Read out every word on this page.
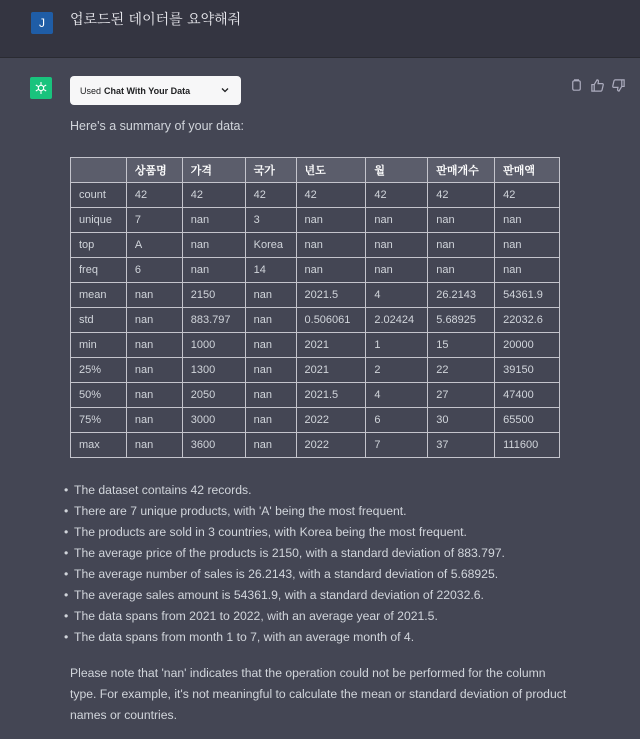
J	업로드된 데이터를 요약해줘
Used Chat With Your Data
Here's a summary of your data:
	상품명	가격	국가	년도	월	판매개수	판매액
count	42	42	42	42	42	42	42
unique	7	nan	3	nan	nan	nan	nan
top	A	nan	Korea	nan	nan	nan	nan
freq	6	nan	14	nan	nan	nan	nan
mean	nan	2150	nan	2021.5	4	26.2143	54361.9
std	nan	883.797	nan	0.506061	2.02424	5.68925	22032.6
min	nan	1000	nan	2021	1	15	20000
25%	nan	1300	nan	2021	2	22	39150
50%	nan	2050	nan	2021.5	4	27	47400
75%	nan	3000	nan	2022	6	30	65500
max	nan	3600	nan	2022	7	37	111600
• The dataset contains 42 records.
• There are 7 unique products, with 'A' being the most frequent.
• The products are sold in 3 countries, with Korea being the most frequent.
• The average price of the products is 2150, with a standard deviation of 883.797.
• The average number of sales is 26.2143, with a standard deviation of 5.68925.
• The average sales amount is 54361.9, with a standard deviation of 22032.6.
• The data spans from 2021 to 2022, with an average year of 2021.5.
• The data spans from month 1 to 7, with an average month of 4.
Please note that 'nan' indicates that the operation could not be performed for the column type. For example, it's not meaningful to calculate the mean or standard deviation of product names or countries.
